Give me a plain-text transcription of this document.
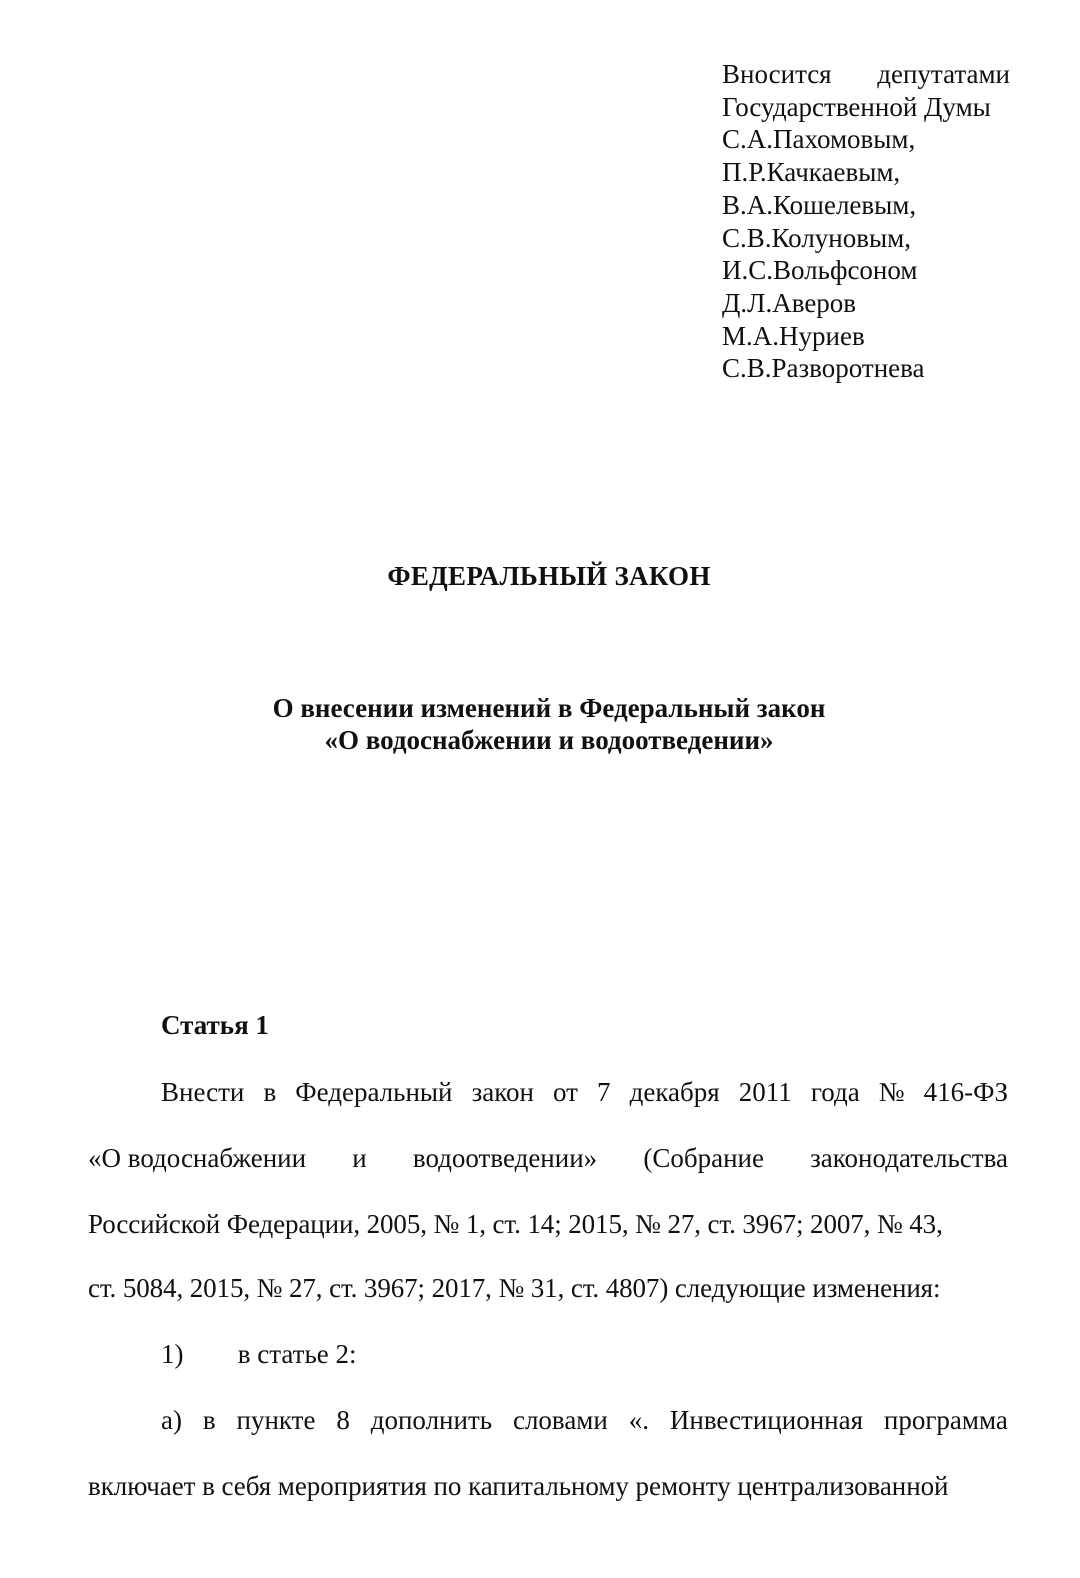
Вносится депутатами
Государственной Думы
С.А.Пахомовым,
П.Р.Качкаевым,
В.А.Кошелевым,
С.В.Колуновым,
И.С.Вольфсоном
Д.Л.Аверов
М.А.Нуриев
С.В.Разворотнева
ФЕДЕРАЛЬНЫЙ ЗАКОН
О внесении изменений в Федеральный закон
«О водоснабжении и водоотведении»
Статья 1
Внести в Федеральный закон от 7 декабря 2011 года № 416-ФЗ
«О водоснабжении и водоотведении» (Собрание законодательства
Российской Федерации, 2005, № 1, ст. 14; 2015, № 27, ст. 3967; 2007, № 43,
ст. 5084, 2015, № 27, ст. 3967; 2017, № 31, ст. 4807) следующие изменения:
1) в статье 2:
а) в пункте 8 дополнить словами «. Инвестиционная программа
включает в себя мероприятия по капитальному ремонту централизованной
